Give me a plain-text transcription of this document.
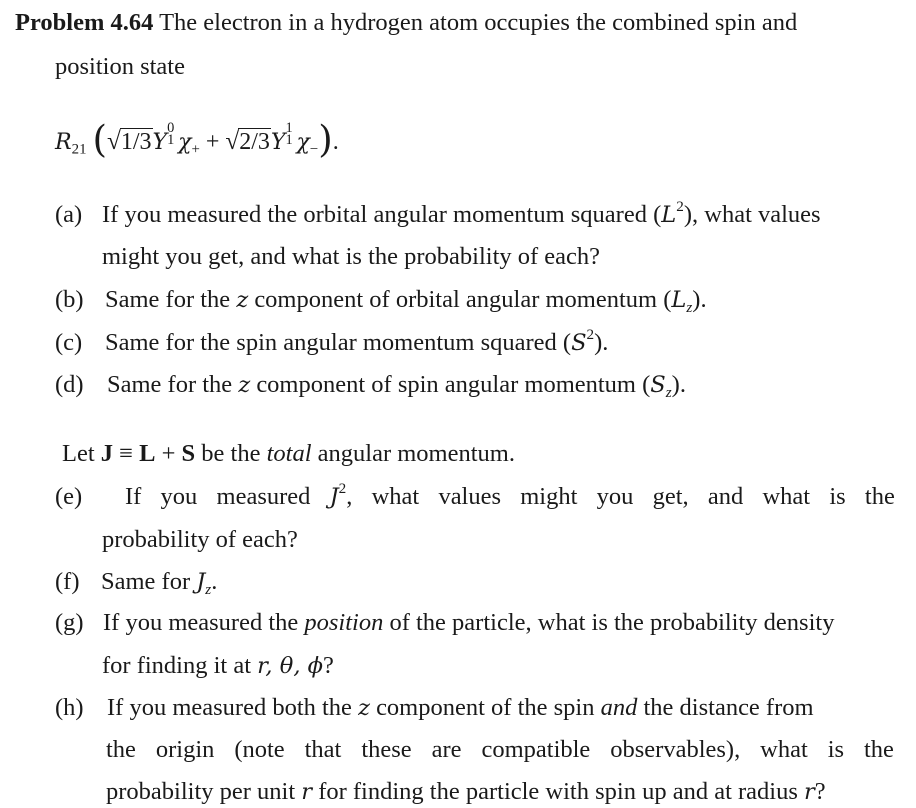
Problem 4.64 The electron in a hydrogen atom occupies the combined spin and
position state
$R_{21}$ (√1/3Y
0
1 $\chi_+ + √2/3Y$
1
1 $\chi_-$).
(a) If you measured the orbital angular momentum squared $(L^2)$, what values
might you get, and what is the probability of each?
(b) Same for the z component of orbital angular momentum $(L_z)$.
(c) Same for the spin angular momentum squared $(S^2)$.
(d) Same for the z component of spin angular momentum $(S_z)$.
Let J ≡ L + S be the total angular momentum.
(e)	If you measured $J^2$, what values might you get, and what is the
probability of each?
(f) Same for $J_z$.
(g) If you measured the position of the particle, what is the probability density
for finding it at r, θ, ϕ?
(h) If you measured both the z component of the spin and the distance from
the origin (note that these are compatible observables), what is the
probability per unit r for finding the particle with spin up and at radius r?
